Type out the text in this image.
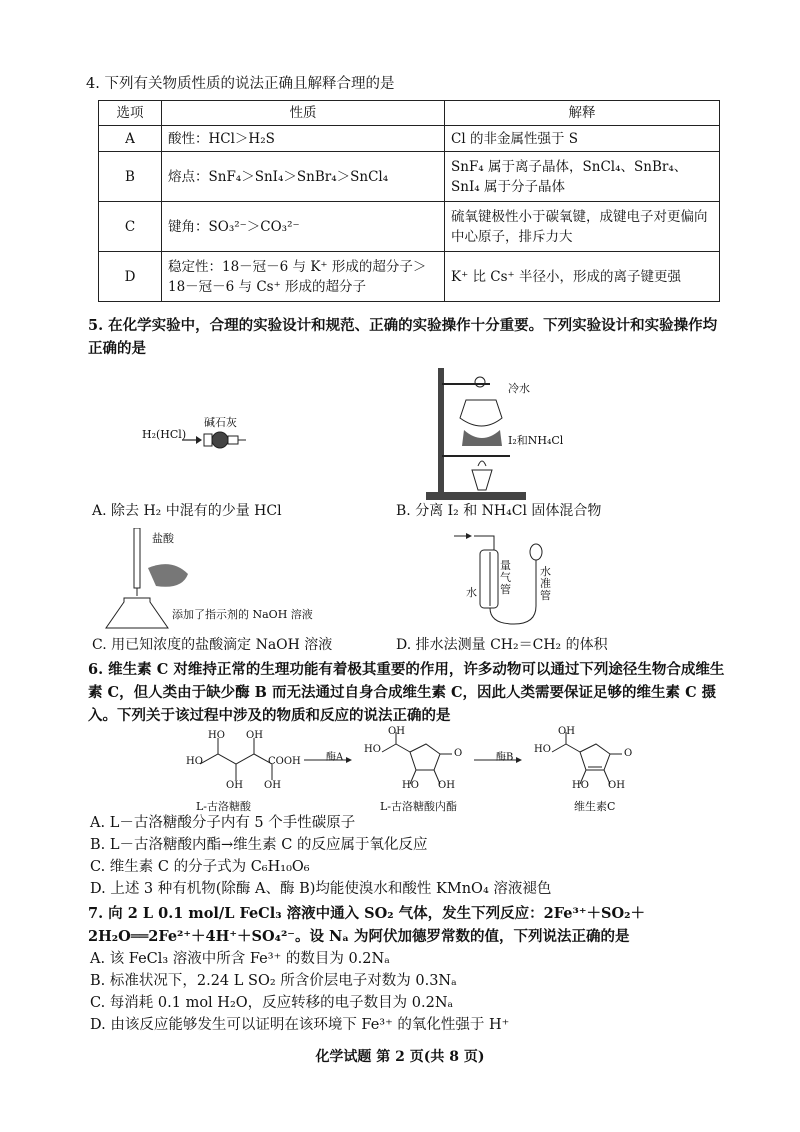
4. 下列有关物质性质的说法正确且解释合理的是
选项	性质	解释
A	酸性：HCl＞H₂S	Cl 的非金属性强于 S
B	熔点：SnF₄＞SnI₄＞SnBr₄＞SnCl₄	SnF₄ 属于离子晶体，SnCl₄、SnBr₄、SnI₄ 属于分子晶体
C	键角：SO₃²⁻＞CO₃²⁻	硫氧键极性小于碳氧键，成键电子对更偏向中心原子，排斥力大
D	稳定性：18－冠－6 与 K⁺ 形成的超分子＞18－冠－6 与 Cs⁺ 形成的超分子	K⁺ 比 Cs⁺ 半径小，形成的离子键更强
5. 在化学实验中，合理的实验设计和规范、正确的实验操作十分重要。下列实验设计和实验操作均正确的是
H₂(HCl)
碱石灰
A. 除去 H₂ 中混有的少量 HCl
冷水
I₂和NH₄Cl
B. 分离 I₂ 和 NH₄Cl 固体混合物
盐酸
添加了指示剂的 NaOH 溶液
C. 用已知浓度的盐酸滴定 NaOH 溶液
水
量气管
水准管
D. 排水法测量 CH₂＝CH₂ 的体积
6. 维生素 C 对维持正常的生理功能有着极其重要的作用，许多动物可以通过下列途径生物合成维生素 C，但人类由于缺少酶 B 而无法通过自身合成维生素 C，因此人类需要保证足够的维生素 C 摄入。下列关于该过程中涉及的物质和反应的说法正确的是
HO
HO OH
OH OH
COOH	酶A
HO
OH
O
HO OH
酶B
HO
OH
O
HO OH
L-古洛糖酸	L-古洛糖酸内酯	维生素C
A. L－古洛糖酸分子内有 5 个手性碳原子
B. L－古洛糖酸内酯→维生素 C 的反应属于氧化反应
C. 维生素 C 的分子式为 C₆H₁₀O₆
D. 上述 3 种有机物(除酶 A、酶 B)均能使溴水和酸性 KMnO₄ 溶液褪色
7. 向 2 L 0.1 mol/L FeCl₃ 溶液中通入 SO₂ 气体，发生下列反应：2Fe³⁺＋SO₂＋2H₂O══2Fe²⁺＋4H⁺＋SO₄²⁻。设 Nₐ 为阿伏加德罗常数的值，下列说法正确的是
A. 该 FeCl₃ 溶液中所含 Fe³⁺ 的数目为 0.2Nₐ
B. 标准状况下，2.24 L SO₂ 所含价层电子对数为 0.3Nₐ
C. 每消耗 0.1 mol H₂O，反应转移的电子数目为 0.2Nₐ
D. 由该反应能够发生可以证明在该环境下 Fe³⁺ 的氧化性强于 H⁺
化学试题 第 2 页(共 8 页)
